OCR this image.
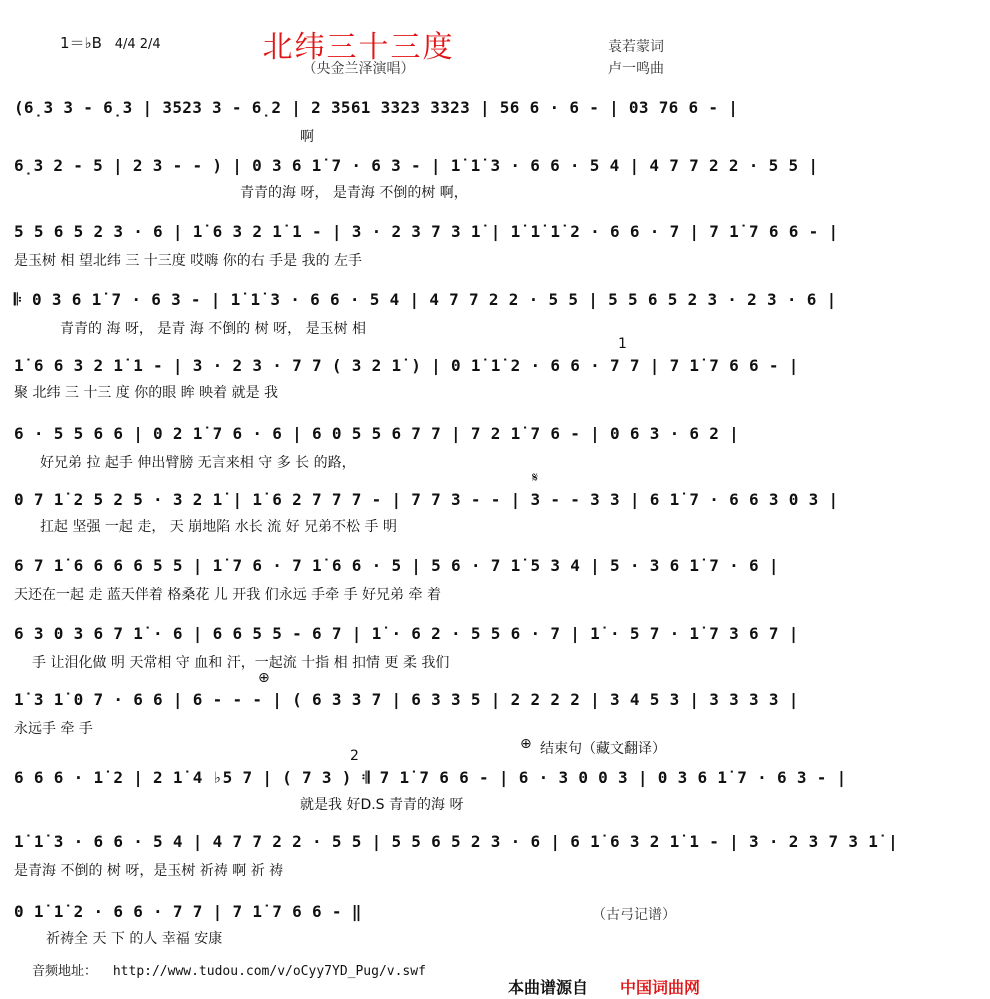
北纬三十三度
（央金兰泽演唱）
1＝♭B 4/4 2/4	袁若蒙词
卢一鸣曲
(6̣3 3 - 6̣3 | 3523 3 - 6̣2 | 2 3561 3323 3323 | 56 6 · 6 - | 03 76 6 - |
啊
6̣3 2 - 5 | 2 3 - - ) | 0 3 6 1̇ 7 · 6 3 - | 1̇ 1̇ 3 · 6 6 · 5 4 | 4 7 7 2 2 · 5 5 |
青青的海 呀， 是青海 不倒的树 啊，
5 5 6 5 2 3 · 6 | 1̇ 6 3 2 1̇ 1 - | 3 · 2 3 7 3 1̇ | 1̇ 1̇ 1̇ 2 · 6 6 · 7 | 7 1̇ 7 6 6 - |
是玉树 相 望北纬 三 十三度 哎嗨 你的右 手是 我的 左手
𝄆 0 3 6 1̇ 7 · 6 3 - | 1̇ 1̇ 3 · 6 6 · 5 4 | 4 7 7 2 2 · 5 5 | 5 5 6 5 2 3 · 2 3 · 6 |
青青的 海 呀， 是青 海 不倒的 树 呀， 是玉树 相
1
1̇ 6 6 3 2 1̇ 1 - | 3 · 2 3 · 7 7 ( 3 2 1̇ ) | 0 1̇ 1̇ 2 · 6 6 · 7 7 | 7 1̇ 7 6 6 - |
聚 北纬 三 十三 度 你的眼 眸 映着 就是 我
6 · 5 5 6 6 | 0 2 1̇ 7 6 · 6 | 6 0 5 5 6 7 7 | 7 2 1̇ 7 6 - | 0 6 3 · 6 2 |
好兄弟 拉 起手 伸出臂膀 无言来相 守 多 长 的路，
𝄋
0 7 1̇ 2 5 2 5 · 3 2 1̇ | 1̇ 6 2 7 7 7 - | 7 7 3 - - | 3 - - 3 3 | 6 1̇ 7 · 6 6 3 0 3 |
扛起 坚强 一起 走， 天 崩地陷 水长 流 好 兄弟不松 手 明
6 7 1̇ 6 6 6 6 5 5 | 1̇ 7 6 · 7 1̇ 6 6 · 5 | 5 6 · 7 1̇ 5 3 4 | 5 · 3 6 1̇ 7 · 6 |
天还在一起 走 蓝天伴着 格桑花 儿 开我 们永远 手牵 手 好兄弟 牵 着
6 3 0 3 6 7 1̇ · 6 | 6 6 5 5 - 6 7 | 1̇ · 6 2 · 5 5 6 · 7 | 1̇ · 5 7 · 1̇ 7 3 6 7 |
手 让泪化做 明 天常相 守 血和 汗，一起流 十指 相 扣情 更 柔 我们
⊕
1̇ 3 1̇ 0 7 · 6 6 | 6 - - - | ( 6 3 3 7 | 6 3 3 5 | 2 2 2 2 | 3 4 5 3 | 3 3 3 3 |
永远手 牵 手
⊕ 结束句（藏文翻译）
2
6 6 6 · 1̇ 2 | 2 1̇ 4 ♭5 7 | ( 7 3 ) 𝄇 7 1̇ 7 6 6 - | 6 · 3 0 0 3 | 0 3 6 1̇ 7 · 6 3 - |
就是我 好D.S 青青的海 呀
1̇ 1̇ 3 · 6 6 · 5 4 | 4 7 7 2 2 · 5 5 | 5 5 6 5 2 3 · 6 | 6 1̇ 6 3 2 1̇ 1 - | 3 · 2 3 7 3 1̇ |
是青海 不倒的 树 呀，是玉树 祈祷 啊 祈 祷
0 1̇ 1̇ 2 · 6 6 · 7 7 | 7 1̇ 7 6 6 - ‖
祈祷全 天 下 的人 幸福 安康
（古弓记谱）
音频地址： http://www.tudou.com/v/oCyy7YD_Pug/v.swf
本曲谱源自 中国词曲网
